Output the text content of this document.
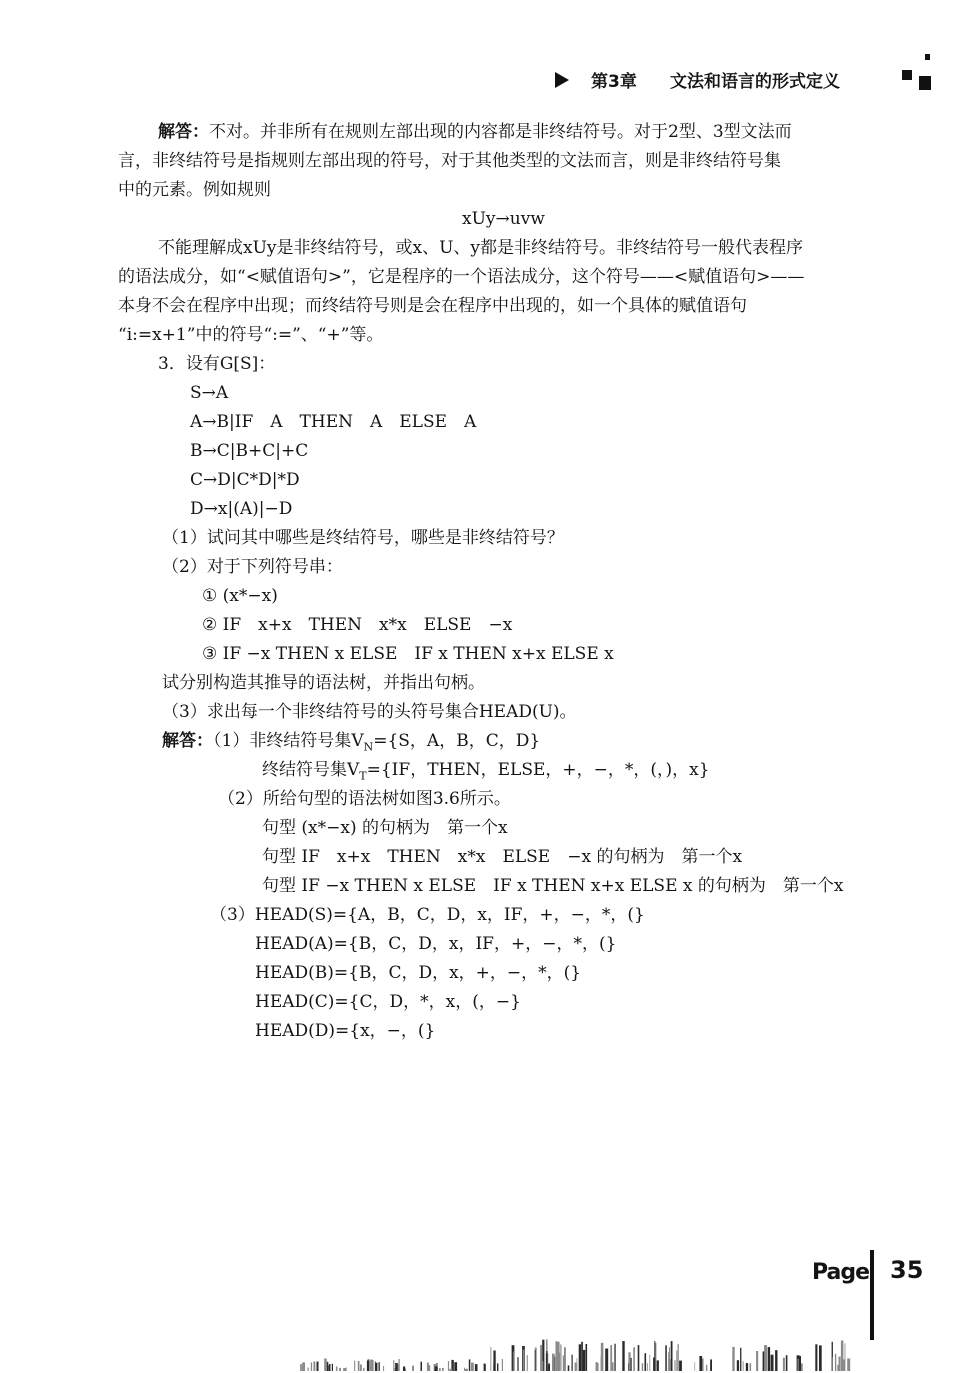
第3章 文法和语言的形式定义
解答：不对。并非所有在规则左部出现的内容都是非终结符号。对于2型、3型文法而
言，非终结符号是指规则左部出现的符号，对于其他类型的文法而言，则是非终结符号集
中的元素。例如规则
xUy→uvw
不能理解成xUy是非终结符号，或x、U、y都是非终结符号。非终结符号一般代表程序
的语法成分，如“<赋值语句>”，它是程序的一个语法成分，这个符号——<赋值语句>——
本身不会在程序中出现；而终结符号则是会在程序中出现的，如一个具体的赋值语句
“i:=x+1”中的符号“:=”、“+”等。
3．设有G[S]：
S→A
A→B|IF　A　THEN　A　ELSE　A
B→C|B+C|+C
C→D|C*D|*D
D→x|(A)|−D
（1）试问其中哪些是终结符号，哪些是非终结符号？
（2）对于下列符号串：
① (x*−x)
② IF　x+x　THEN　x*x　ELSE　−x
③ IF −x THEN x ELSE　IF x THEN x+x ELSE x
试分别构造其推导的语法树，并指出句柄。
（3）求出每一个非终结符号的头符号集合HEAD(U)。
解答：（1）非终结符号集$V_N=\{S$，A，B，C，D}
终结符号集$V_T=\{IF$，THEN，ELSE，+，−，*，(，)，x}
（2）所给句型的语法树如图3.6所示。
句型 (x*−x) 的句柄为　第一个x
句型 IF　x+x　THEN　x*x　ELSE　−x 的句柄为　第一个x
句型 IF −x THEN x ELSE　IF x THEN x+x ELSE x 的句柄为　第一个x
（3）HEAD(S)={A，B，C，D，x，IF，+，−，*，(}
HEAD(A)={B，C，D，x，IF，+，−，*，(}
HEAD(B)={B，C，D，x，+，−，*，(}
HEAD(C)={C，D，*，x，(，−}
HEAD(D)={x，−，(}
Page 35
